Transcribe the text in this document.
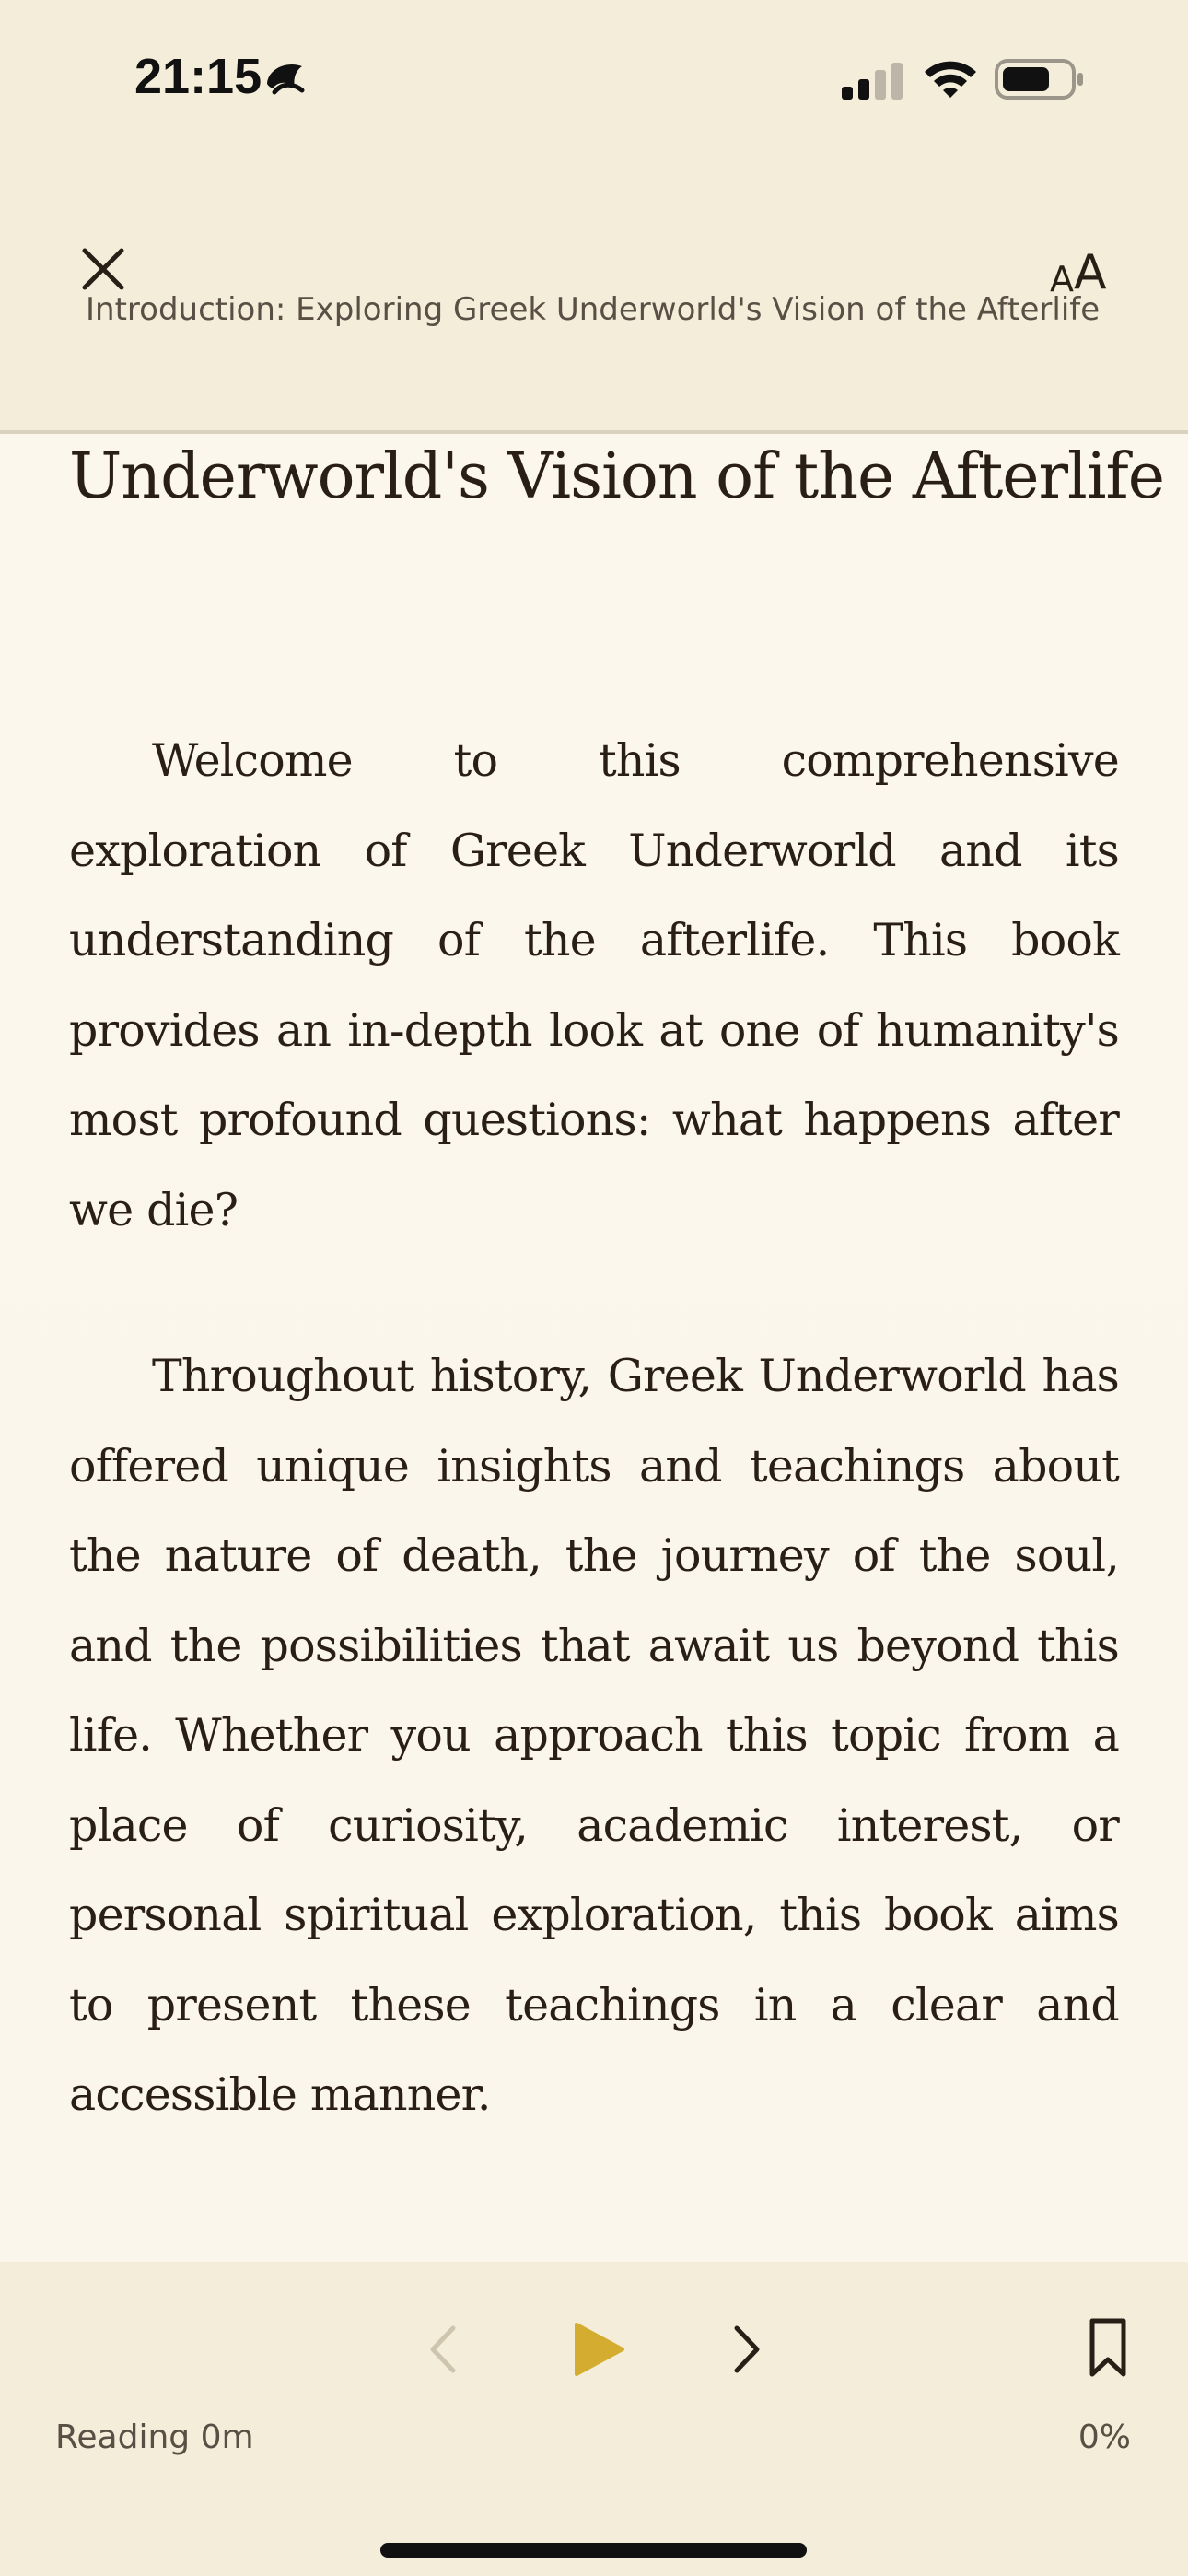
21:15
A A
Introduction: Exploring Greek Underworld's Vision of the Afterlife
Underworld's Vision of the Afterlife

Welcome to this comprehensive exploration of Greek Underworld and its understanding of the afterlife. This book provides an in-depth look at one of humanity's most profound questions: what happens after we die?

Throughout history, Greek Underworld has offered unique insights and teachings about the nature of death, the journey of the soul, and the possibilities that await us beyond this life. Whether you approach this topic from a place of curiosity, academic interest, or personal spiritual exploration, this book aims to present these teachings in a clear and accessible manner.

Reading 0m	0%
